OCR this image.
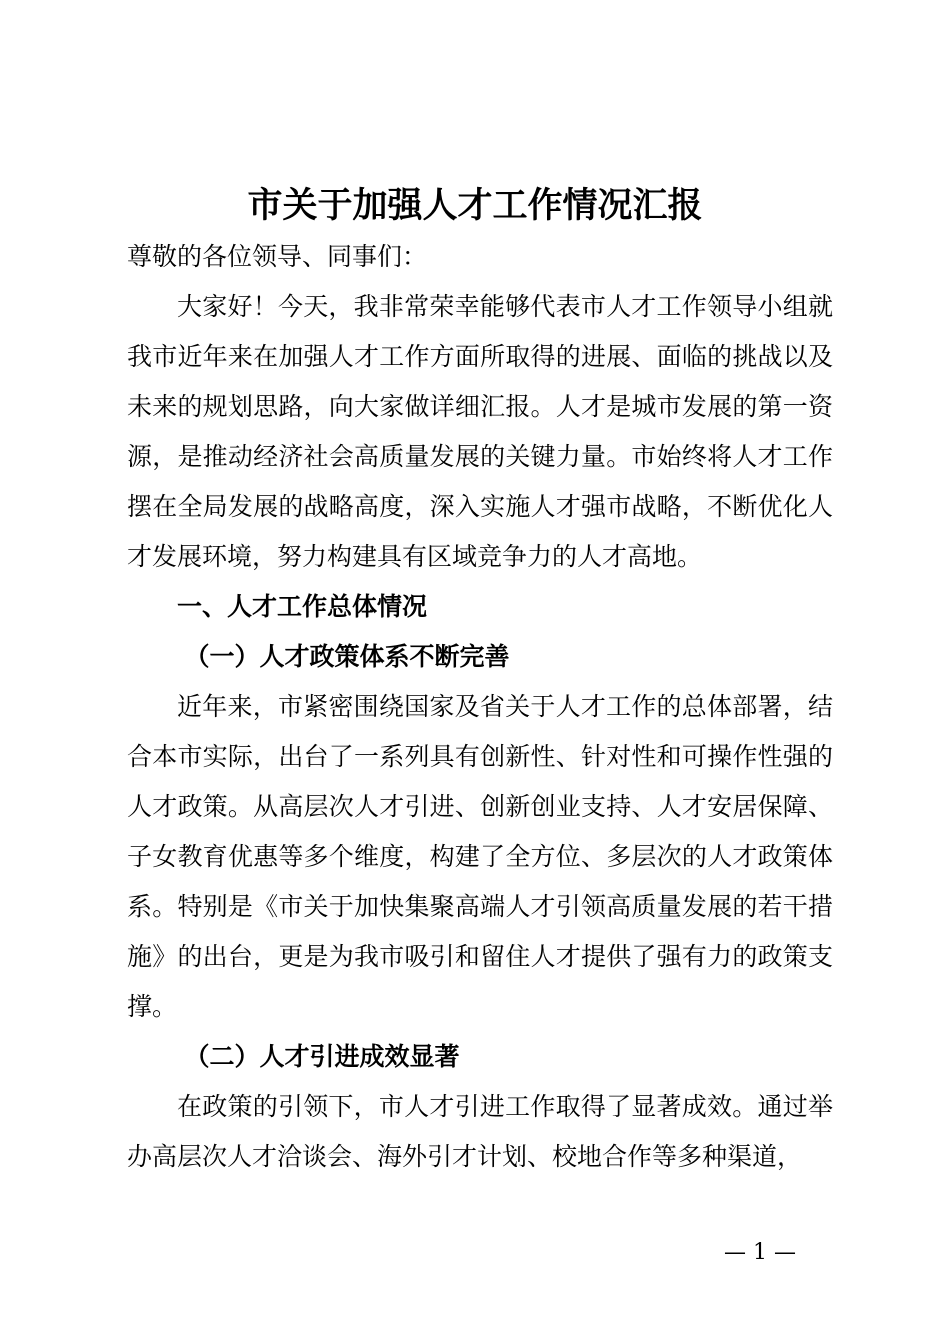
市关于加强人才工作情况汇报

尊敬的各位领导、同事们：

大家好！今天，我非常荣幸能够代表市人才工作领导小组就我市近年来在加强人才工作方面所取得的进展、面临的挑战以及未来的规划思路，向大家做详细汇报。人才是城市发展的第一资源，是推动经济社会高质量发展的关键力量。市始终将人才工作摆在全局发展的战略高度，深入实施人才强市战略，不断优化人才发展环境，努力构建具有区域竞争力的人才高地。

一、人才工作总体情况

（一）人才政策体系不断完善

近年来，市紧密围绕国家及省关于人才工作的总体部署，结合本市实际，出台了一系列具有创新性、针对性和可操作性强的人才政策。从高层次人才引进、创新创业支持、人才安居保障、子女教育优惠等多个维度，构建了全方位、多层次的人才政策体系。特别是《市关于加快集聚高端人才引领高质量发展的若干措施》的出台，更是为我市吸引和留住人才提供了强有力的政策支撑。

（二）人才引进成效显著

在政策的引领下，市人才引进工作取得了显著成效。通过举办高层次人才洽谈会、海外引才计划、校地合作等多种渠道，

— 1 —
